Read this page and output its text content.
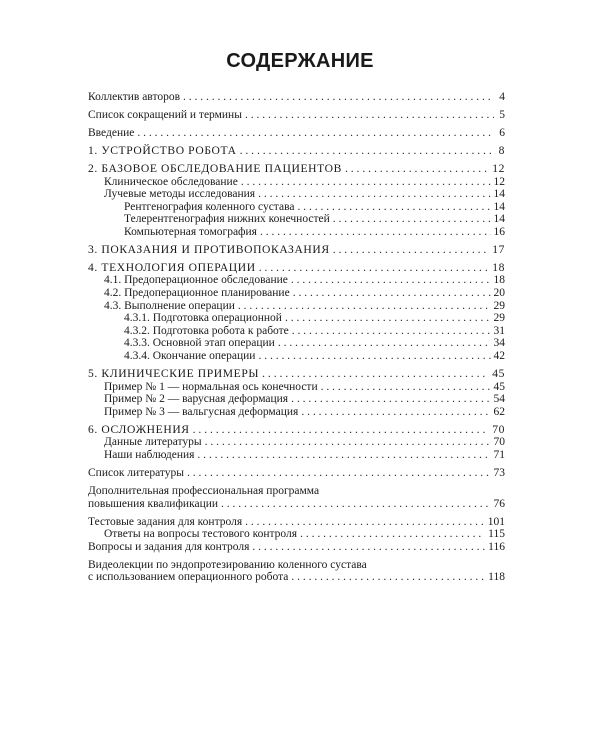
СОДЕРЖАНИЕ
Коллектив авторов . . .	4
Список сокращений и термины . . .	5
Введение . . .	6
1. УСТРОЙСТВО РОБОТА . . .	8
2. БАЗОВОЕ ОБСЛЕДОВАНИЕ ПАЦИЕНТОВ . . .	12
Клиническое обследование . . .	12
Лучевые методы исследования . . .	14
Рентгенография коленного сустава . . .	14
Телерентгенография нижних конечностей . . .	14
Компьютерная томография . . .	16
3. ПОКАЗАНИЯ И ПРОТИВОПОКАЗАНИЯ . . .	17
4. ТЕХНОЛОГИЯ ОПЕРАЦИИ . . .	18
4.1. Предоперационное обследование . . .	18
4.2. Предоперационное планирование . . .	20
4.3. Выполнение операции . . .	29
4.3.1. Подготовка операционной . . .	29
4.3.2. Подготовка робота к работе . . .	31
4.3.3. Основной этап операции . . .	34
4.3.4. Окончание операции . . .	42
5. КЛИНИЧЕСКИЕ ПРИМЕРЫ . . .	45
Пример № 1 — нормальная ось конечности . . .	45
Пример № 2 — варусная деформация . . .	54
Пример № 3 — вальгусная деформация . . .	62
6. ОСЛОЖНЕНИЯ . . .	70
Данные литературы . . .	70
Наши наблюдения . . .	71
Список литературы . . .	73
Дополнительная профессиональная программа
повышения квалификации . . .	76
Тестовые задания для контроля . . .	101
Ответы на вопросы тестового контроля . . .	115
Вопросы и задания для контроля . . .	116
Видеолекции по эндопротезированию коленного сустава
с использованием операционного робота . . .	118
